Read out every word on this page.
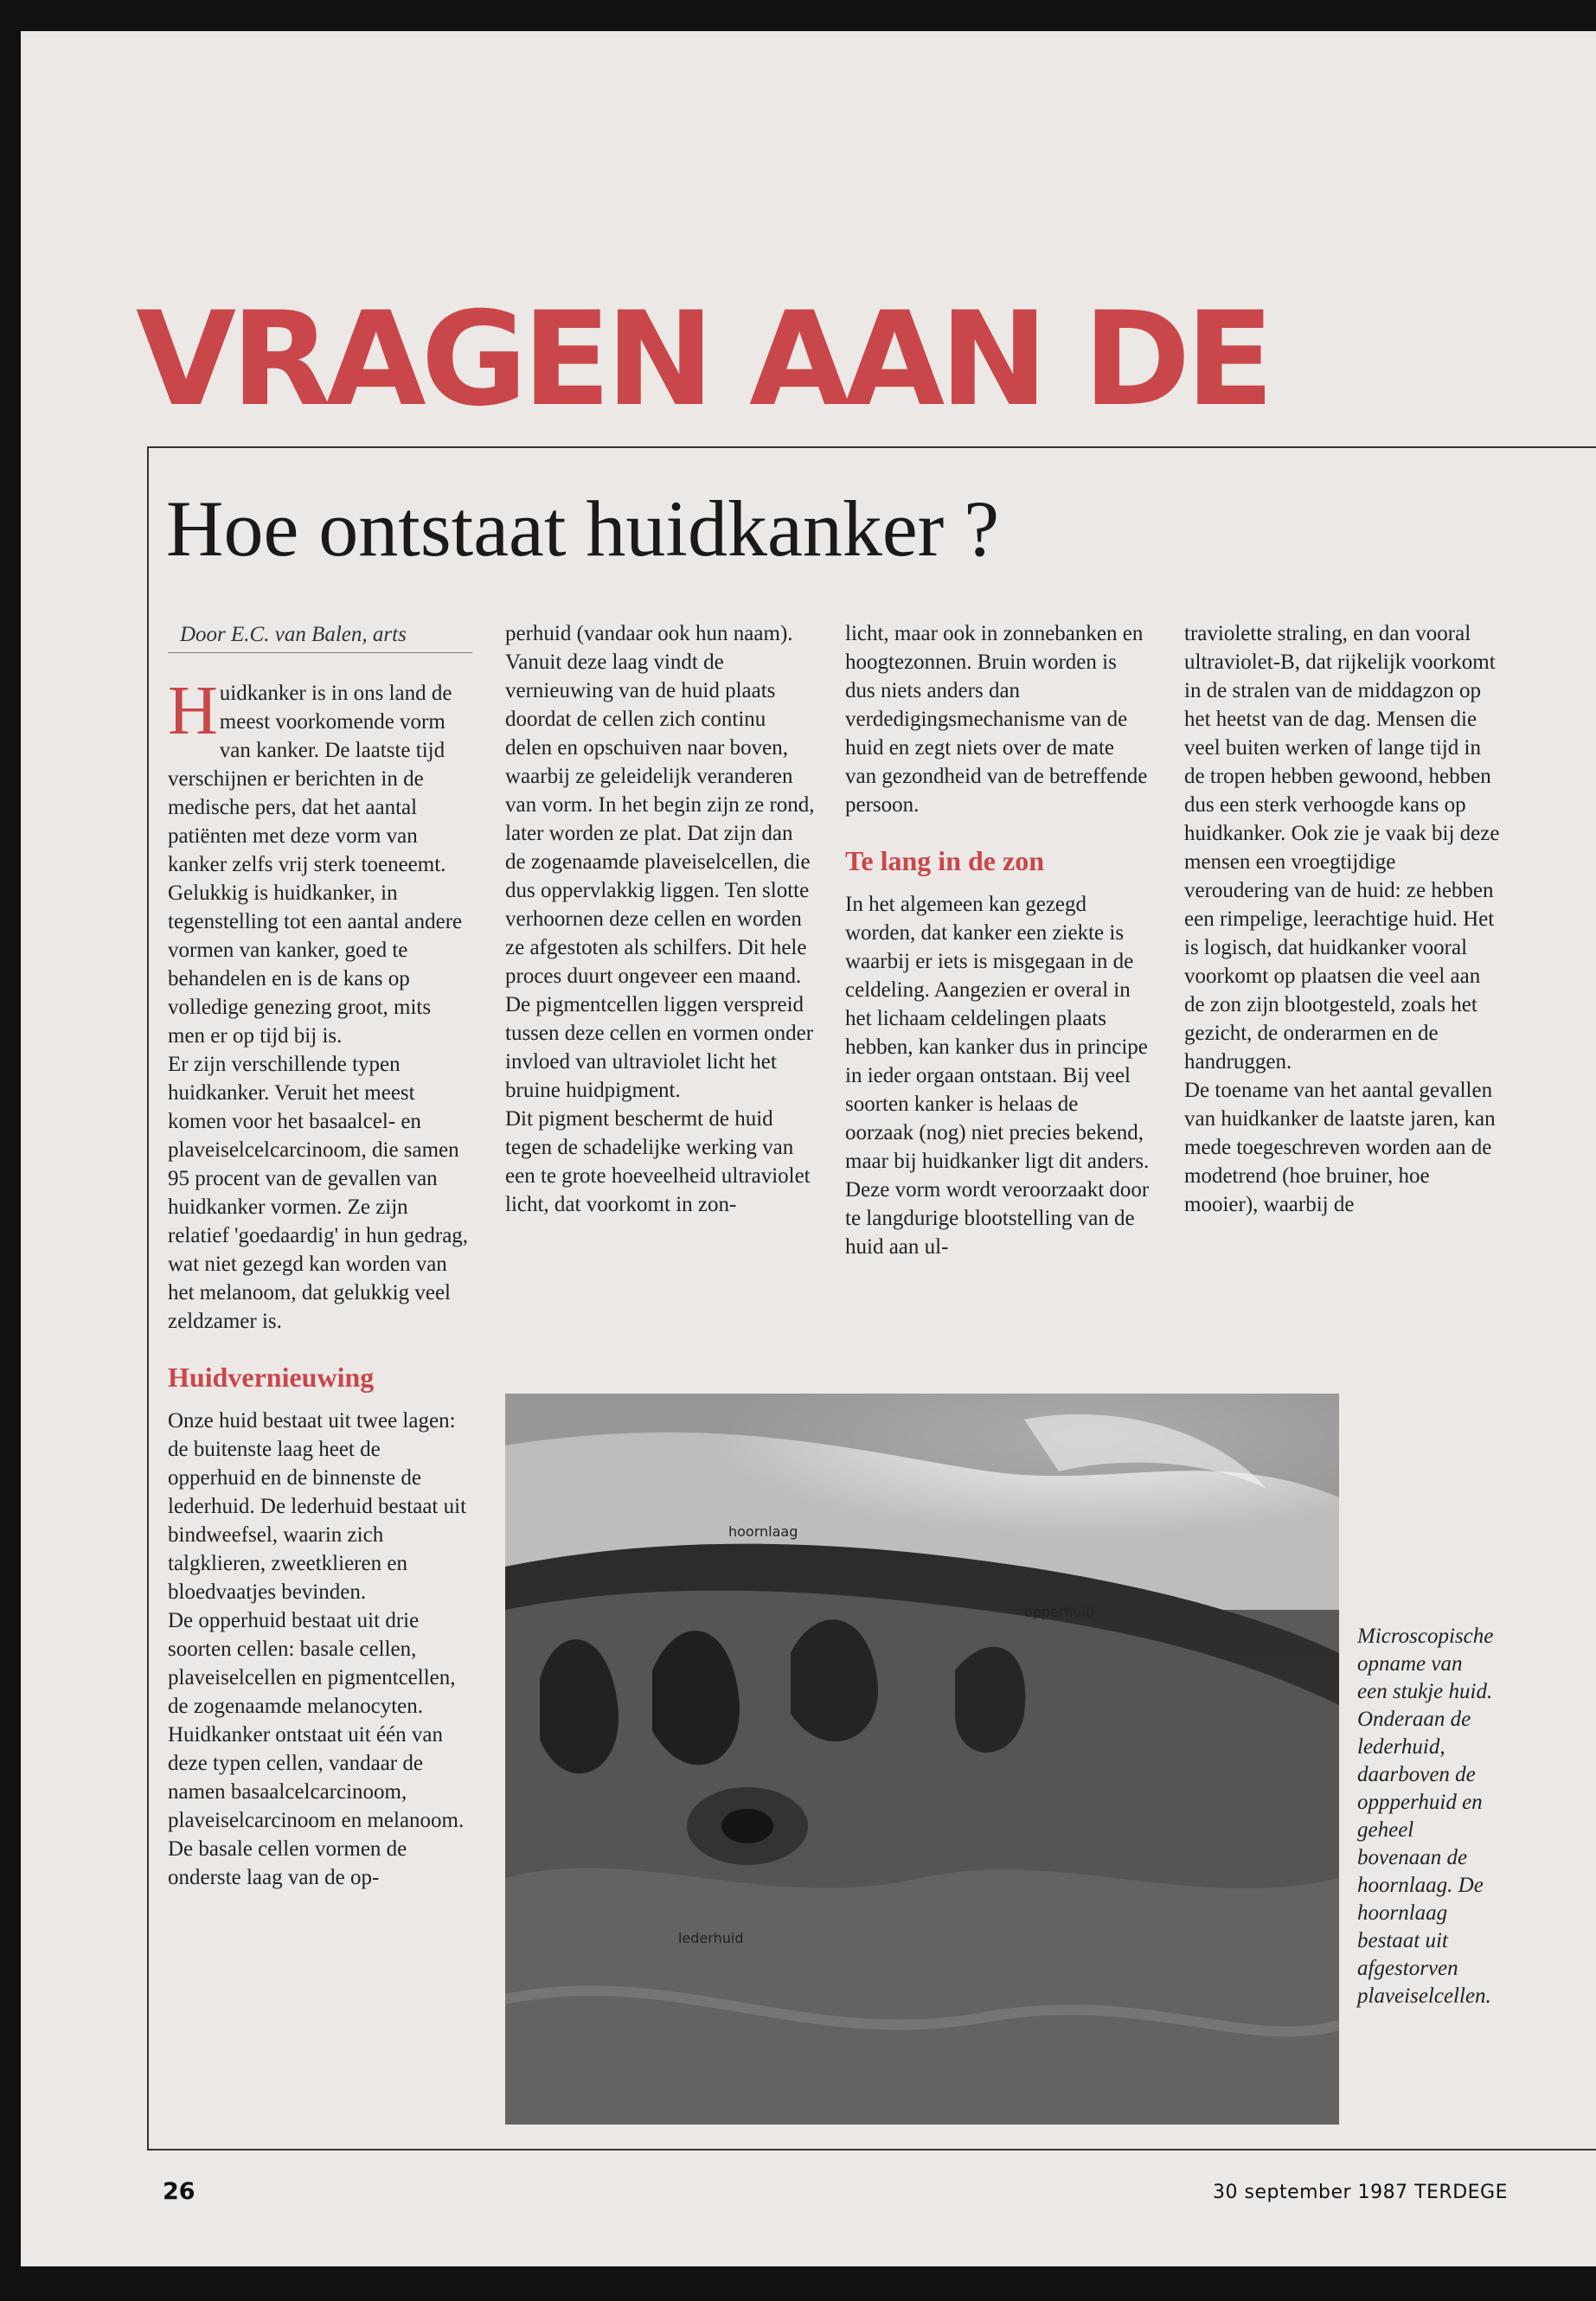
VRAGEN AAN DE
Hoe ontstaat huidkanker ?
Door E.C. van Balen, arts

Huidkanker is in ons land de meest voorkomende vorm van kanker. De laatste tijd verschijnen er berichten in de medische pers, dat het aantal patiënten met deze vorm van kanker zelfs vrij sterk toeneemt. Gelukkig is huidkanker, in tegenstelling tot een aantal andere vormen van kanker, goed te behandelen en is de kans op volledige genezing groot, mits men er op tijd bij is.

Er zijn verschillende typen huidkanker. Veruit het meest komen voor het basaalcel- en plaveiselcelcarcinoom, die samen 95 procent van de gevallen van huidkanker vormen. Ze zijn relatief 'goedaardig' in hun gedrag, wat niet gezegd kan worden van het melanoom, dat gelukkig veel zeldzamer is.

Huidvernieuwing

Onze huid bestaat uit twee lagen: de buitenste laag heet de opperhuid en de binnenste de lederhuid. De lederhuid bestaat uit bindweefsel, waarin zich talgklieren, zweetklieren en bloedvaatjes bevinden.

De opperhuid bestaat uit drie soorten cellen: basale cellen, plaveiselcellen en pigmentcellen, de zogenaamde melanocyten.

Huidkanker ontstaat uit één van deze typen cellen, vandaar de namen basaalcelcarcinoom, plaveiselcarcinoom en melanoom.

De basale cellen vormen de onderste laag van de op-

perhuid (vandaar ook hun naam). Vanuit deze laag vindt de vernieuwing van de huid plaats doordat de cellen zich continu delen en opschuiven naar boven, waarbij ze geleidelijk veranderen van vorm. In het begin zijn ze rond, later worden ze plat. Dat zijn dan de zogenaamde plaveiselcellen, die dus oppervlakkig liggen. Ten slotte verhoornen deze cellen en worden ze afgestoten als schilfers. Dit hele proces duurt ongeveer een maand. De pigmentcellen liggen verspreid tussen deze cellen en vormen onder invloed van ultraviolet licht het bruine huidpigment.

Dit pigment beschermt de huid tegen de schadelijke werking van een te grote hoeveelheid ultraviolet licht, dat voorkomt in zon-

licht, maar ook in zonnebanken en hoogtezonnen. Bruin worden is dus niets anders dan verdedigingsmechanisme van de huid en zegt niets over de mate van gezondheid van de betreffende persoon.

Te lang in de zon

In het algemeen kan gezegd worden, dat kanker een ziekte is waarbij er iets is misgegaan in de celdeling. Aangezien er overal in het lichaam celdelingen plaats hebben, kan kanker dus in principe in ieder orgaan ontstaan. Bij veel soorten kanker is helaas de oorzaak (nog) niet precies bekend, maar bij huidkanker ligt dit anders. Deze vorm wordt veroorzaakt door te langdurige blootstelling van de huid aan ul-

traviolette straling, en dan vooral ultraviolet-B, dat rijkelijk voorkomt in de stralen van de middagzon op het heetst van de dag. Mensen die veel buiten werken of lange tijd in de tropen hebben gewoond, hebben dus een sterk verhoogde kans op huidkanker. Ook zie je vaak bij deze mensen een vroegtijdige veroudering van de huid: ze hebben een rimpelige, leerachtige huid. Het is logisch, dat huidkanker vooral voorkomt op plaatsen die veel aan de zon zijn blootgesteld, zoals het gezicht, de onderarmen en de handruggen.

De toename van het aantal gevallen van huidkanker de laatste jaren, kan mede toegeschreven worden aan de modetrend (hoe bruiner, hoe mooier), waarbij de

hoornlaag
opperhuid
lederhuid
Microscopische opname van een stukje huid. Onderaan de lederhuid, daarboven de oppperhuid en geheel bovenaan de hoornlaag. De hoornlaag bestaat uit afgestorven plaveiselcellen.
26	30 september 1987 TERDEGE
